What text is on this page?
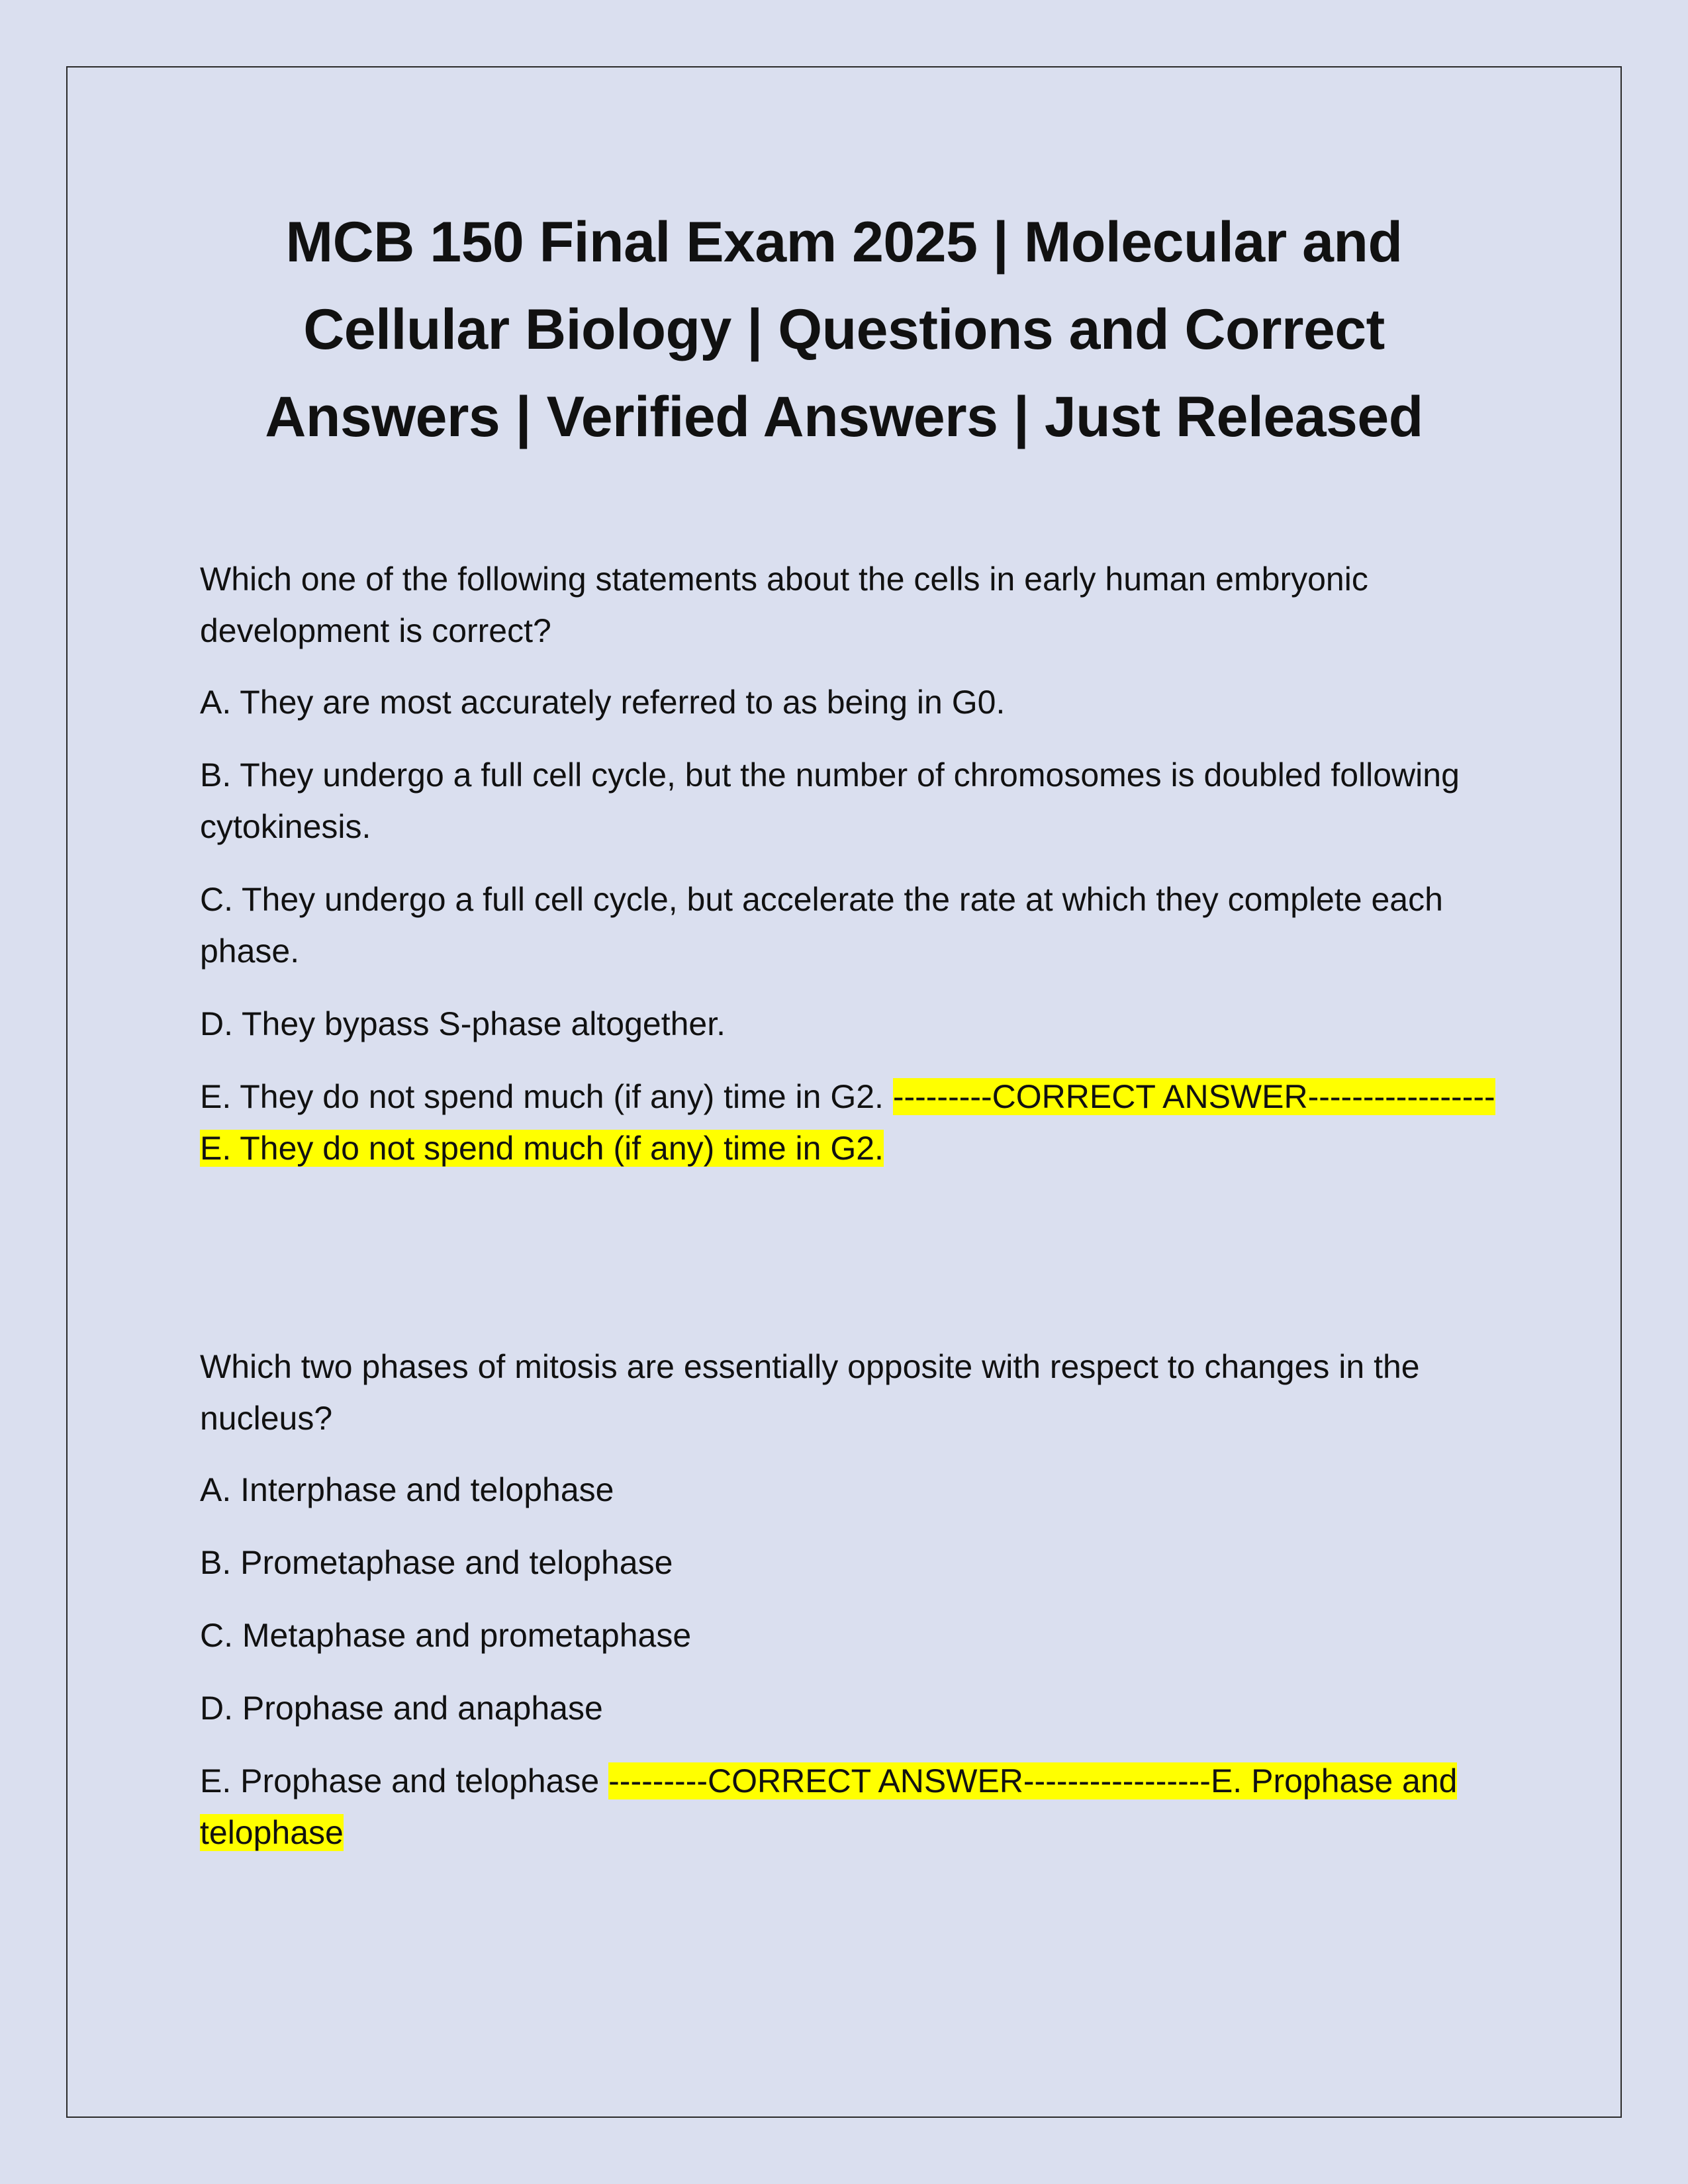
MCB 150 Final Exam 2025 | Molecular and Cellular Biology | Questions and Correct Answers | Verified Answers | Just Released

Which one of the following statements about the cells in early human embryonic development is correct?

A. They are most accurately referred to as being in G0.

B. They undergo a full cell cycle, but the number of chromosomes is doubled following cytokinesis.

C. They undergo a full cell cycle, but accelerate the rate at which they complete each phase.

D. They bypass S-phase altogether.

E. They do not spend much (if any) time in G2. ---------CORRECT ANSWER-----------------E. They do not spend much (if any) time in G2.

Which two phases of mitosis are essentially opposite with respect to changes in the nucleus?

A. Interphase and telophase

B. Prometaphase and telophase

C. Metaphase and prometaphase

D. Prophase and anaphase

E. Prophase and telophase ---------CORRECT ANSWER-----------------E. Prophase and telophase
